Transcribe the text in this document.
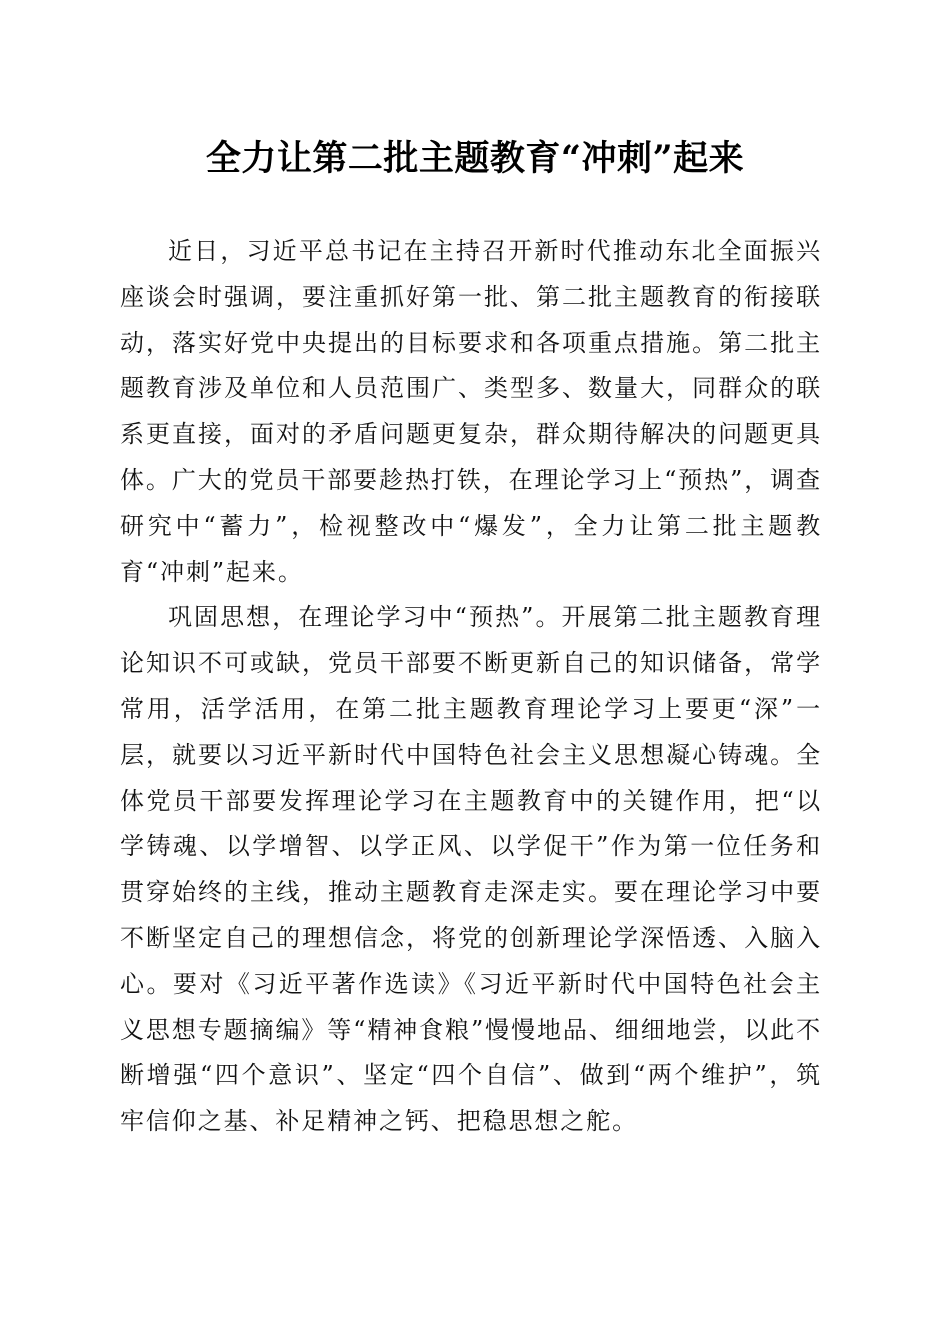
全力让第二批主题教育“冲刺”起来

近日，习近平总书记在主持召开新时代推动东北全面振兴座谈会时强调，要注重抓好第一批、第二批主题教育的衔接联动，落实好党中央提出的目标要求和各项重点措施。第二批主题教育涉及单位和人员范围广、类型多、数量大，同群众的联系更直接，面对的矛盾问题更复杂，群众期待解决的问题更具体。广大的党员干部要趁热打铁，在理论学习上“预热”，调查研究中“蓄力”，检视整改中“爆发”，全力让第二批主题教育“冲刺”起来。

巩固思想，在理论学习中“预热”。开展第二批主题教育理论知识不可或缺，党员干部要不断更新自己的知识储备，常学常用，活学活用，在第二批主题教育理论学习上要更“深”一层，就要以习近平新时代中国特色社会主义思想凝心铸魂。全体党员干部要发挥理论学习在主题教育中的关键作用，把“以学铸魂、以学增智、以学正风、以学促干”作为第一位任务和贯穿始终的主线，推动主题教育走深走实。要在理论学习中要不断坚定自己的理想信念，将党的创新理论学深悟透、入脑入心。要对《习近平著作选读》《习近平新时代中国特色社会主义思想专题摘编》等“精神食粮”慢慢地品、细细地尝，以此不断增强“四个意识”、坚定“四个自信”、做到“两个维护”，筑牢信仰之基、补足精神之钙、把稳思想之舵。
